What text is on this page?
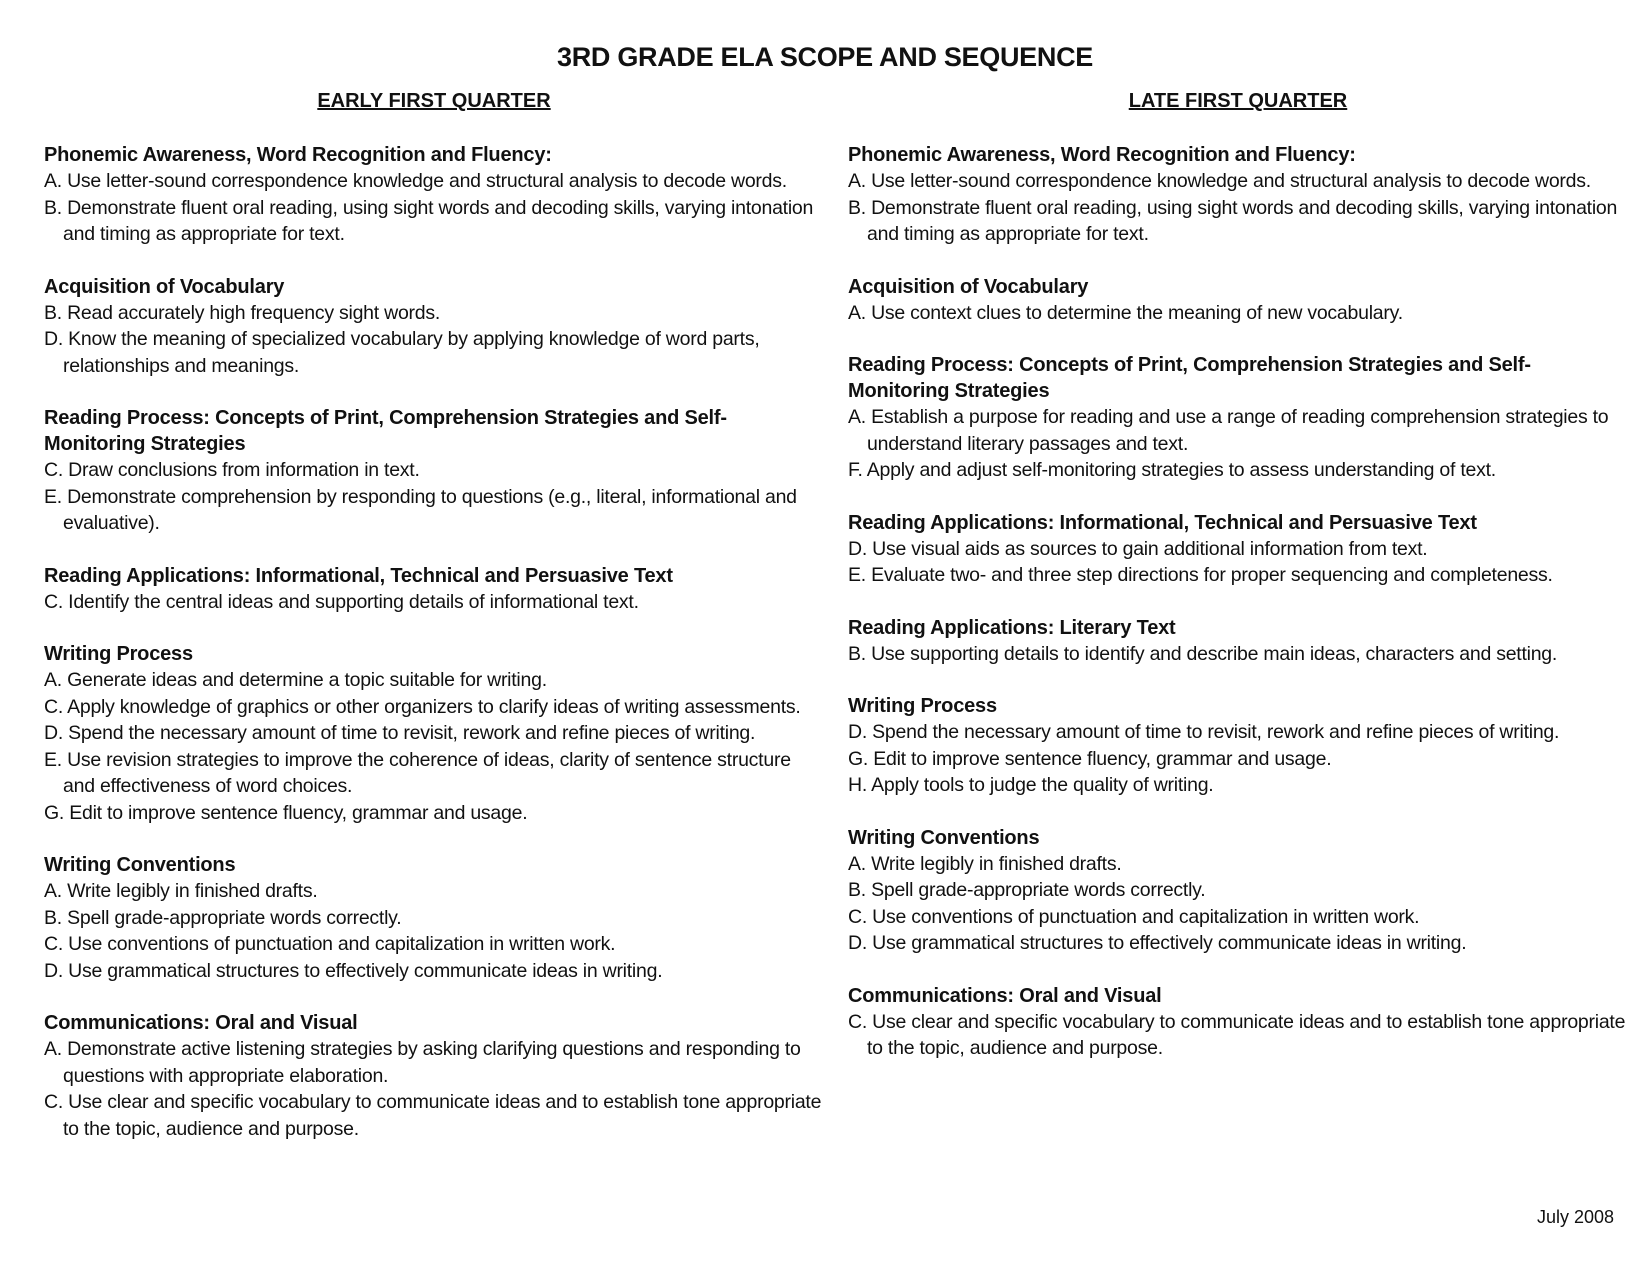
3RD GRADE ELA SCOPE AND SEQUENCE
EARLY FIRST QUARTER
Phonemic Awareness, Word Recognition and Fluency:
A. Use letter-sound correspondence knowledge and structural analysis to decode words.
B. Demonstrate fluent oral reading, using sight words and decoding skills, varying intonation and timing as appropriate for text.
Acquisition of Vocabulary
B. Read accurately high frequency sight words.
D. Know the meaning of specialized vocabulary by applying knowledge of word parts, relationships and meanings.
Reading Process: Concepts of Print, Comprehension Strategies and Self-Monitoring Strategies
C. Draw conclusions from information in text.
E. Demonstrate comprehension by responding to questions (e.g., literal, informational and evaluative).
Reading Applications: Informational, Technical and Persuasive Text
C. Identify the central ideas and supporting details of informational text.
Writing Process
A. Generate ideas and determine a topic suitable for writing.
C. Apply knowledge of graphics or other organizers to clarify ideas of writing assessments.
D. Spend the necessary amount of time to revisit, rework and refine pieces of writing.
E. Use revision strategies to improve the coherence of ideas, clarity of sentence structure and effectiveness of word choices.
G. Edit to improve sentence fluency, grammar and usage.
Writing Conventions
A. Write legibly in finished drafts.
B. Spell grade-appropriate words correctly.
C. Use conventions of punctuation and capitalization in written work.
D. Use grammatical structures to effectively communicate ideas in writing.
Communications: Oral and Visual
A. Demonstrate active listening strategies by asking clarifying questions and responding to questions with appropriate elaboration.
C. Use clear and specific vocabulary to communicate ideas and to establish tone appropriate to the topic, audience and purpose.
LATE FIRST QUARTER
Phonemic Awareness, Word Recognition and Fluency:
A. Use letter-sound correspondence knowledge and structural analysis to decode words.
B. Demonstrate fluent oral reading, using sight words and decoding skills, varying intonation and timing as appropriate for text.
Acquisition of Vocabulary
A. Use context clues to determine the meaning of new vocabulary.
Reading Process: Concepts of Print, Comprehension Strategies and Self-Monitoring Strategies
A. Establish a purpose for reading and use a range of reading comprehension strategies to understand literary passages and text.
F. Apply and adjust self-monitoring strategies to assess understanding of text.
Reading Applications: Informational, Technical and Persuasive Text
D. Use visual aids as sources to gain additional information from text.
E. Evaluate two- and three step directions for proper sequencing and completeness.
Reading Applications: Literary Text
B. Use supporting details to identify and describe main ideas, characters and setting.
Writing Process
D. Spend the necessary amount of time to revisit, rework and refine pieces of writing.
G. Edit to improve sentence fluency, grammar and usage.
H. Apply tools to judge the quality of writing.
Writing Conventions
A. Write legibly in finished drafts.
B. Spell grade-appropriate words correctly.
C. Use conventions of punctuation and capitalization in written work.
D. Use grammatical structures to effectively communicate ideas in writing.
Communications: Oral and Visual
C. Use clear and specific vocabulary to communicate ideas and to establish tone appropriate to the topic, audience and purpose.
July 2008
